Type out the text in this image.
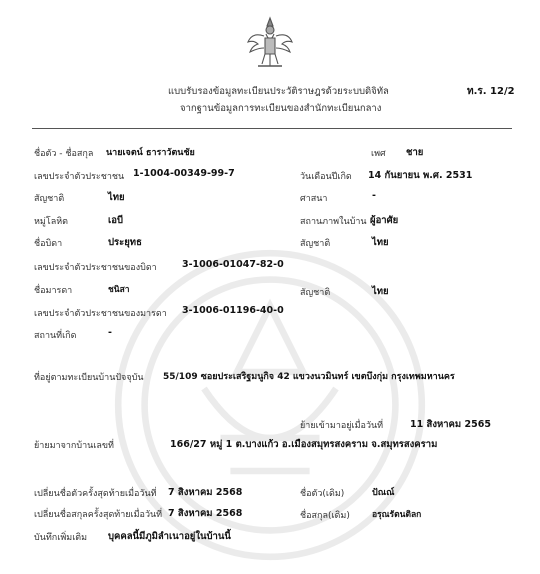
แบบรับรองข้อมูลทะเบียนประวัติราษฎรด้วยระบบดิจิทัล
จากฐานข้อมูลการทะเบียนของสำนักทะเบียนกลาง
ท.ร. 12/2
ชื่อตัว - ชื่อสกุล นายเจตน์ ธาราวัตนชัย	เพศ ชาย
เลขประจำตัวประชาชน 1-1004-00349-99-7	วันเดือนปีเกิด 14 กันยายน พ.ศ. 2531
สัญชาติ	ไทย	ศาสนา	-
หมู่โลหิต	เอบี	สถานภาพในบ้าน ผู้อาศัย
ชื่อบิดา	ประยุทธ	สัญชาติ	ไทย
เลขประจำตัวประชาชนของบิดา	3-1006-01047-82-0
ชื่อมารดา	ชนิสา	สัญชาติ	ไทย
เลขประจำตัวประชาชนของมารดา 3-1006-01196-40-0
สถานที่เกิด	-
ที่อยู่ตามทะเบียนบ้านปัจจุบัน 55/109 ซอยประเสริฐมนูกิจ 42 แขวงนวมินทร์ เขตบึงกุ่ม กรุงเทพมหานคร
ย้ายเข้ามาอยู่เมื่อวันที่	11 สิงหาคม 2565
ย้ายมาจากบ้านเลขที่	166/27 หมู่ 1 ต.บางแก้ว อ.เมืองสมุทรสงคราม จ.สมุทรสงคราม
เปลี่ยนชื่อตัวครั้งสุดท้ายเมื่อวันที่ 7 สิงหาคม 2568	ชื่อตัว(เดิม)	ปัณณ์
เปลี่ยนชื่อสกุลครั้งสุดท้ายเมื่อวันที่ 7 สิงหาคม 2568	ชื่อสกุล(เดิม)	อรุณรัตนติลก
บันทึกเพิ่มเติม บุคคลนี้มีภูมิลำเนาอยู่ในบ้านนี้
